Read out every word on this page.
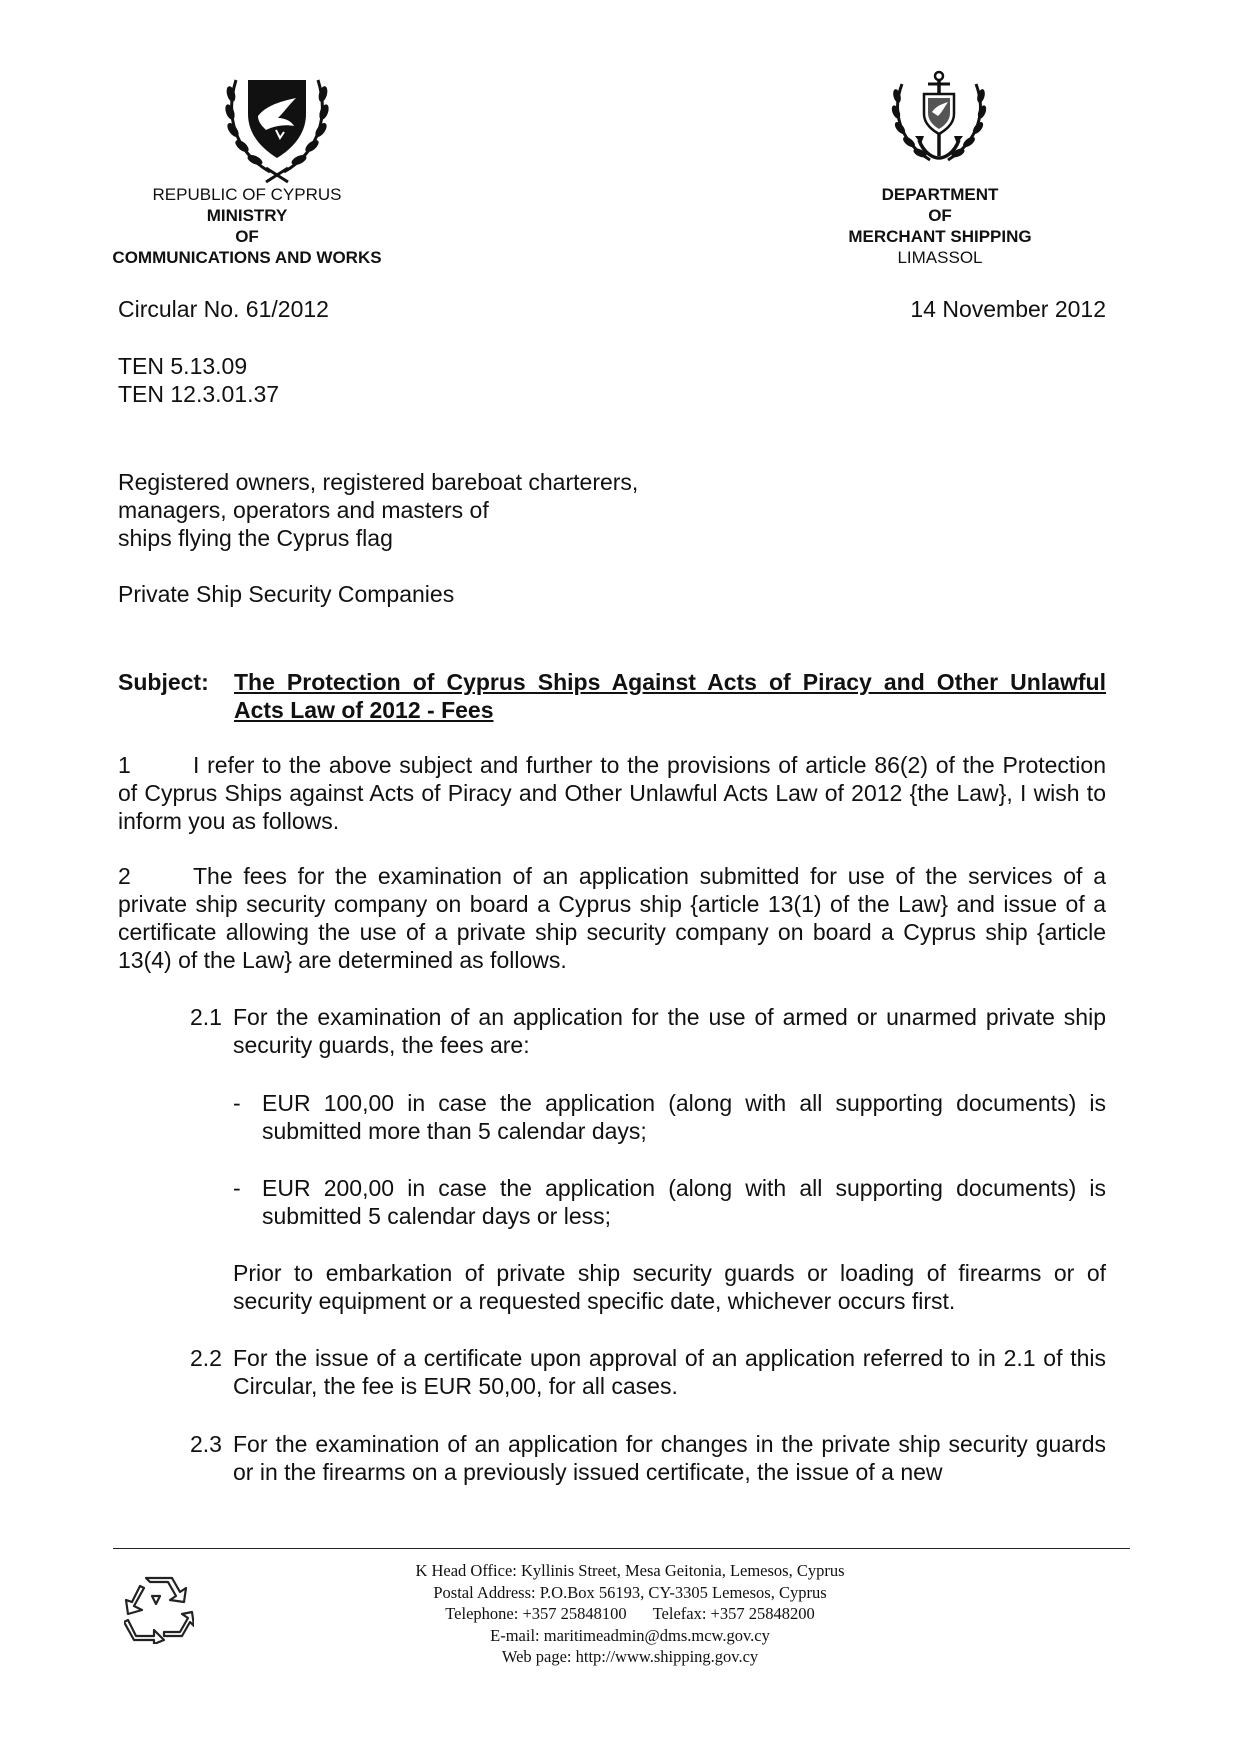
REPUBLIC OF CYPRUS
MINISTRY
OF
COMMUNICATIONS AND WORKS
DEPARTMENT
OF
MERCHANT SHIPPING
LIMASSOL
Circular No. 61/2012	14 November 2012
TEN 5.13.09
TEN 12.3.01.37
Registered owners, registered bareboat charterers,
managers, operators and masters of
ships flying the Cyprus flag
Private Ship Security Companies
Subject: The Protection of Cyprus Ships Against Acts of Piracy and Other Unlawful
Acts Law of 2012 - Fees
1	I refer to the above subject and further to the provisions of article 86(2) of the Protection of Cyprus Ships against Acts of Piracy and Other Unlawful Acts Law of 2012 {the Law}, I wish to inform you as follows.
2	The fees for the examination of an application submitted for use of the services of a private ship security company on board a Cyprus ship {article 13(1) of the Law} and issue of a certificate allowing the use of a private ship security company on board a Cyprus ship {article 13(4) of the Law} are determined as follows.
2.1 For the examination of an application for the use of armed or unarmed private ship security guards, the fees are:
- EUR 100,00 in case the application (along with all supporting documents) is submitted more than 5 calendar days;
- EUR 200,00 in case the application (along with all supporting documents) is submitted 5 calendar days or less;
Prior to embarkation of private ship security guards or loading of firearms or of security equipment or a requested specific date, whichever occurs first.
2.2 For the issue of a certificate upon approval of an application referred to in 2.1 of this Circular, the fee is EUR 50,00, for all cases.
2.3 For the examination of an application for changes in the private ship security guards or in the firearms on a previously issued certificate, the issue of a new
K Head Office: Kyllinis Street, Mesa Geitonia, Lemesos, Cyprus
Postal Address: P.O.Box 56193, CY-3305 Lemesos, Cyprus
Telephone: +357 25848100 Telefax: +357 25848200
E-mail: maritimeadmin@dms.mcw.gov.cy
Web page: http://www.shipping.gov.cy
